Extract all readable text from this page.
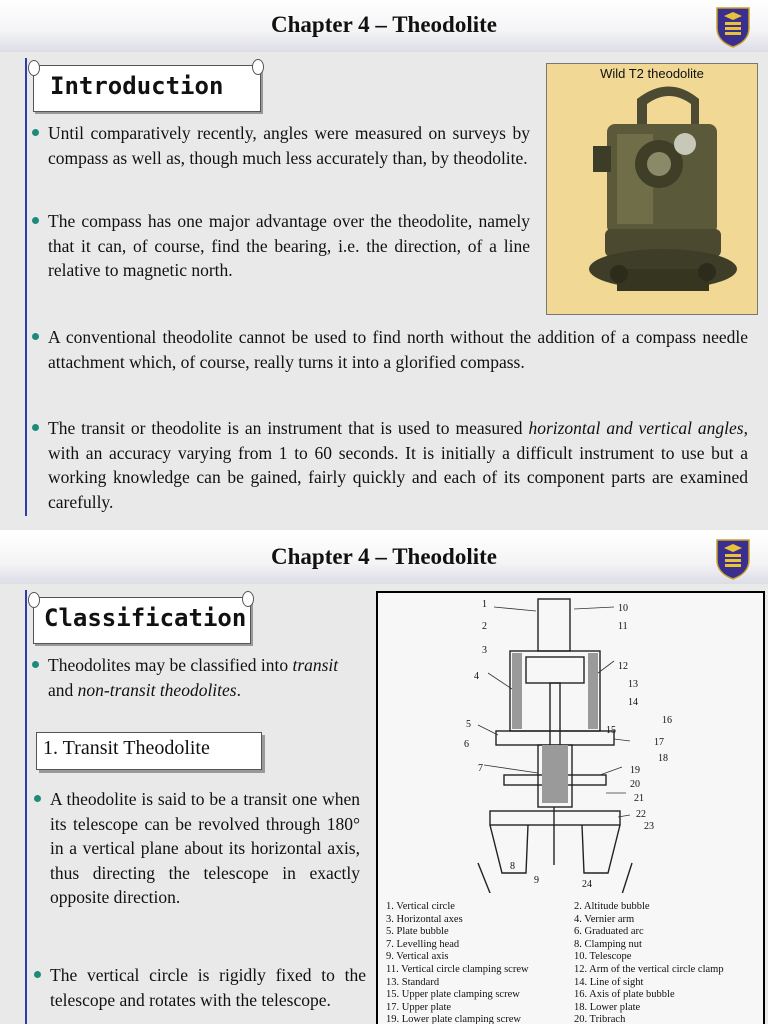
Chapter 4 – Theodolite
Introduction
Until comparatively recently, angles were measured on surveys by compass as well as, though much less accurately than, by theodolite.
The compass has one major advantage over the theodolite, namely that it can, of course, find the bearing, i.e. the direction, of a line relative to magnetic north.
Wild T2 theodolite
A conventional theodolite cannot be used to find north without the addition of a compass needle attachment which, of course, really turns it into a glorified compass.
The transit or theodolite is an instrument that is used to measured horizontal and vertical angles, with an accuracy varying from 1 to 60 seconds. It is initially a difficult instrument to use but a working knowledge can be gained, fairly quickly and each of its component parts are examined carefully.
Chapter 4 – Theodolite
Classification
Theodolites may be classified into transit and non-transit theodolites.
1. Transit Theodolite
A theodolite is said to be a transit one when its telescope can be revolved through 180° in a vertical plane about its horizontal axis, thus directing the telescope in exactly opposite direction.
The vertical circle is rigidly fixed to the telescope and rotates with the telescope.
1
2
3
4
5
6
7
8
9
10
11
12
13
14
15
16
17
18
19
20
21
22
23
24
1. Vertical circle
3. Horizontal axes
5. Plate bubble
7. Levelling head
9. Vertical axis
11. Vertical circle clamping screw
13. Standard
15. Upper plate clamping screw
17. Upper plate
19. Lower plate clamping screw
2. Altitude bubble
4. Vernier arm
6. Graduated arc
8. Clamping nut
10. Telescope
12. Arm of the vertical circle clamp
14. Line of sight
16. Axis of plate bubble
18. Lower plate
20. Tribrach
